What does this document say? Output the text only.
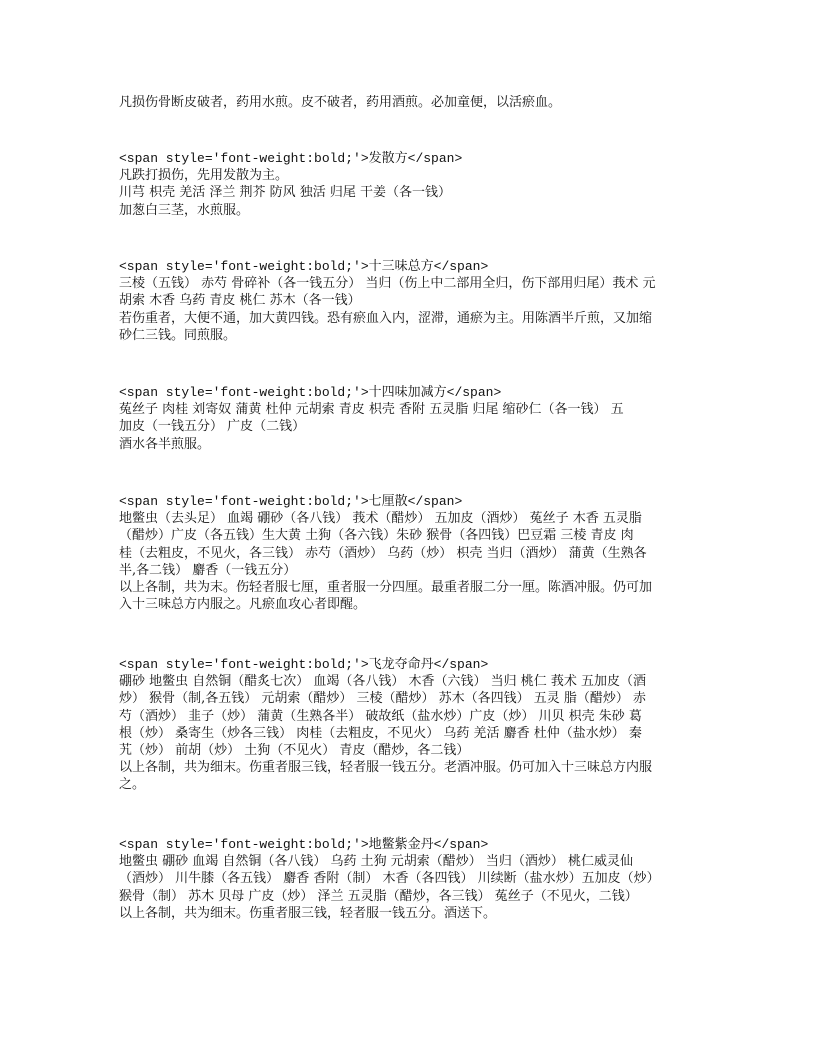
凡损伤骨断皮破者，药用水煎。皮不破者，药用酒煎。必加童便，以活瘀血。
<span style='font-weight:bold;'>发散方</span>
凡跌打损伤，先用发散为主。
川芎 枳壳 羌活 泽兰 荆芥 防风 独活 归尾 干姜（各一钱）
加葱白三茎，水煎服。
<span style='font-weight:bold;'>十三味总方</span>
三棱（五钱） 赤芍 骨碎补（各一钱五分） 当归（伤上中二部用全归，伤下部用归尾）莪术 元
胡索 木香 乌药 青皮 桃仁 苏木（各一钱）
若伤重者，大便不通，加大黄四钱。恐有瘀血入内，涩滞，通瘀为主。用陈酒半斤煎，又加缩
砂仁三钱。同煎服。
<span style='font-weight:bold;'>十四味加减方</span>
菟丝子 肉桂 刘寄奴 蒲黄 杜仲 元胡索 青皮 枳壳 香附 五灵脂 归尾 缩砂仁（各一钱） 五
加皮（一钱五分） 广皮（二钱）
酒水各半煎服。
<span style='font-weight:bold;'>七厘散</span>
地鳖虫（去头足） 血竭 硼砂（各八钱） 莪术（醋炒） 五加皮（酒炒） 菟丝子 木香 五灵脂
（醋炒）广皮（各五钱）生大黄 土狗（各六钱）朱砂 猴骨（各四钱）巴豆霜 三棱 青皮 肉
桂（去粗皮，不见火，各三钱） 赤芍（酒炒） 乌药（炒） 枳壳 当归（酒炒） 蒲黄（生熟各
半,各二钱） 麝香（一钱五分）
以上各制，共为末。伤轻者服七厘，重者服一分四厘。最重者服二分一厘。陈酒冲服。仍可加
入十三味总方内服之。凡瘀血攻心者即醒。
<span style='font-weight:bold;'>飞龙夺命丹</span>
硼砂 地鳖虫 自然铜（醋炙七次） 血竭（各八钱） 木香（六钱） 当归 桃仁 莪术 五加皮（酒
炒） 猴骨（制,各五钱） 元胡索（醋炒） 三棱（醋炒） 苏木（各四钱） 五灵 脂（醋炒） 赤
芍（酒炒） 韭子（炒） 蒲黄（生熟各半） 破故纸（盐水炒）广皮（炒） 川贝 枳壳 朱砂 葛
根（炒） 桑寄生（炒各三钱） 肉桂（去粗皮，不见火） 乌药 羌活 麝香 杜仲（盐水炒） 秦
艽（炒） 前胡（炒） 土狗（不见火） 青皮（醋炒，各二钱）
以上各制，共为细末。伤重者服三钱，轻者服一钱五分。老酒冲服。仍可加入十三味总方内服
之。
<span style='font-weight:bold;'>地鳖紫金丹</span>
地鳖虫 硼砂 血竭 自然铜（各八钱） 乌药 土狗 元胡索（醋炒） 当归（酒炒） 桃仁威灵仙
（酒炒） 川牛膝（各五钱） 麝香 香附（制） 木香（各四钱） 川续断（盐水炒）五加皮（炒）
猴骨（制） 苏木 贝母 广皮（炒） 泽兰 五灵脂（醋炒，各三钱） 菟丝子（不见火，二钱）
以上各制，共为细末。伤重者服三钱，轻者服一钱五分。酒送下。
